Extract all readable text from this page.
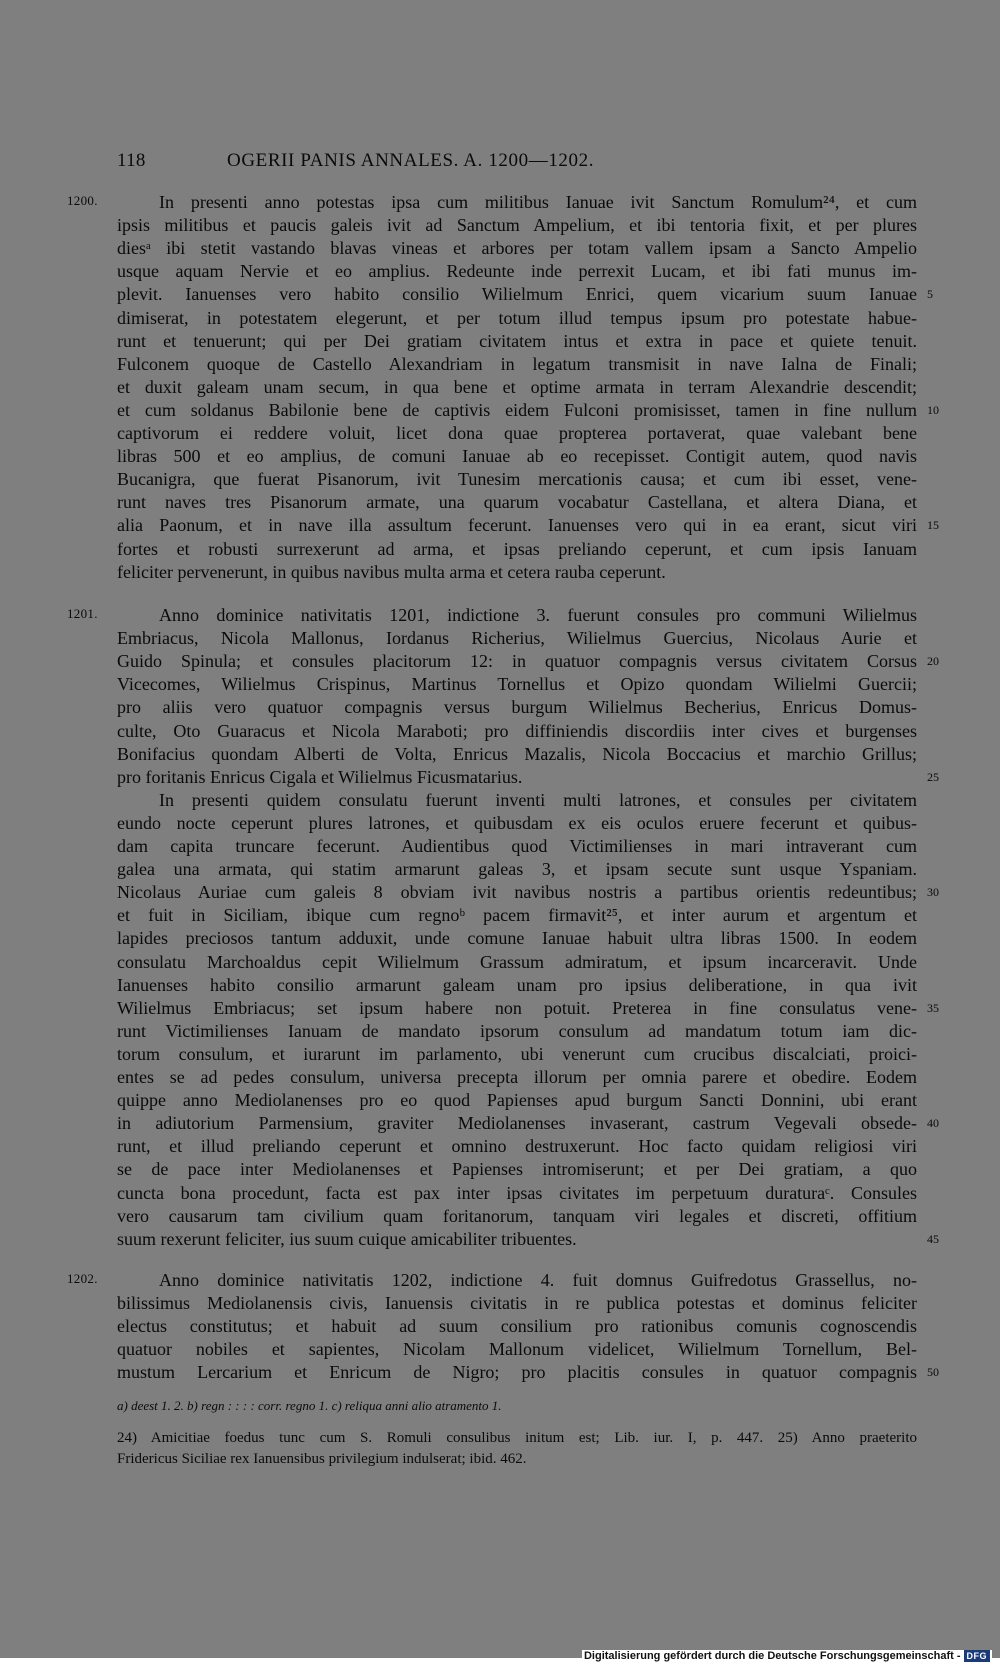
118	OGERII PANIS ANNALES. A. 1200—1202.
1200.	In presenti anno potestas ipsa cum militibus Ianuae ivit Sanctum Romulum²⁴, et cum
ipsis militibus et paucis galeis ivit ad Sanctum Ampelium, et ibi tentoria fixit, et per plures
diesᵃ ibi stetit vastando blavas vineas et arbores per totam vallem ipsam a Sancto Ampelio
usque aquam Nervie et eo amplius. Redeunte inde perrexit Lucam, et ibi fati munus im-
plevit. Ianuenses vero habito consilio Wilielmum Enrici, quem vicarium suum Ianuae
dimiserat, in potestatem elegerunt, et per totum illud tempus ipsum pro potestate habue-
runt et tenuerunt; qui per Dei gratiam civitatem intus et extra in pace et quiete tenuit.
Fulconem quoque de Castello Alexandriam in legatum transmisit in nave Ialna de Finali;
et duxit galeam unam secum, in qua bene et optime armata in terram Alexandrie descendit;
et cum soldanus Babilonie bene de captivis eidem Fulconi promisisset, tamen in fine nullum
captivorum ei reddere voluit, licet dona quae propterea portaverat, quae valebant bene
libras 500 et eo amplius, de comuni Ianuae ab eo recepisset. Contigit autem, quod navis
Bucanigra, que fuerat Pisanorum, ivit Tunesim mercationis causa; et cum ibi esset, vene-
runt naves tres Pisanorum armate, una quarum vocabatur Castellana, et altera Diana, et
alia Paonum, et in nave illa assultum fecerunt. Ianuenses vero qui in ea erant, sicut viri
fortes et robusti surrexerunt ad arma, et ipsas preliando ceperunt, et cum ipsis Ianuam
feliciter pervenerunt, in quibus navibus multa arma et cetera rauba ceperunt.
1201.	Anno dominice nativitatis 1201, indictione 3. fuerunt consules pro communi Wilielmus
Embriacus, Nicola Mallonus, Iordanus Richerius, Wilielmus Guercius, Nicolaus Aurie et
Guido Spinula; et consules placitorum 12: in quatuor compagnis versus civitatem Corsus
Vicecomes, Wilielmus Crispinus, Martinus Tornellus et Opizo quondam Wilielmi Guercii;
pro aliis vero quatuor compagnis versus burgum Wilielmus Becherius, Enricus Domus-
culte, Oto Guaracus et Nicola Maraboti; pro diffiniendis discordiis inter cives et burgenses
Bonifacius quondam Alberti de Volta, Enricus Mazalis, Nicola Boccacius et marchio Grillus;
pro foritanis Enricus Cigala et Wilielmus Ficusmatarius.
In presenti quidem consulatu fuerunt inventi multi latrones, et consules per civitatem
eundo nocte ceperunt plures latrones, et quibusdam ex eis oculos eruere fecerunt et quibus-
dam capita truncare fecerunt. Audientibus quod Victimilienses in mari intraverant cum
galea una armata, qui statim armarunt galeas 3, et ipsam secute sunt usque Yspaniam.
Nicolaus Auriae cum galeis 8 obviam ivit navibus nostris a partibus orientis redeuntibus;
et fuit in Siciliam, ibique cum regnoᵇ pacem firmavit²⁵, et inter aurum et argentum et
lapides preciosos tantum adduxit, unde comune Ianuae habuit ultra libras 1500. In eodem
consulatu Marchoaldus cepit Wilielmum Grassum admiratum, et ipsum incarceravit. Unde
Ianuenses habito consilio armarunt galeam unam pro ipsius deliberatione, in qua ivit
Wilielmus Embriacus; set ipsum habere non potuit. Preterea in fine consulatus vene-
runt Victimilienses Ianuam de mandato ipsorum consulum ad mandatum totum iam dic-
torum consulum, et iurarunt im parlamento, ubi venerunt cum crucibus discalciati, proici-
entes se ad pedes consulum, universa precepta illorum per omnia parere et obedire. Eodem
quippe anno Mediolanenses pro eo quod Papienses apud burgum Sancti Donnini, ubi erant
in adiutorium Parmensium, graviter Mediolanenses invaserant, castrum Vegevali obsede-
runt, et illud preliando ceperunt et omnino destruxerunt. Hoc facto quidam religiosi viri
se de pace inter Mediolanenses et Papienses intromiserunt; et per Dei gratiam, a quo
cuncta bona procedunt, facta est pax inter ipsas civitates im perpetuum duraturaᶜ. Consules
vero causarum tam civilium quam foritanorum, tanquam viri legales et discreti, offitium
suum rexerunt feliciter, ius suum cuique amicabiliter tribuentes.
1202.	Anno dominice nativitatis 1202, indictione 4. fuit domnus Guifredotus Grassellus, no-
bilissimus Mediolanensis civis, Ianuensis civitatis in re publica potestas et dominus feliciter
electus constitutus; et habuit ad suum consilium pro rationibus comunis cognoscendis
quatuor nobiles et sapientes, Nicolam Mallonum videlicet, Wilielmum Tornellum, Bel-
mustum Lercarium et Enricum de Nigro; pro placitis consules in quatuor compagnis
5
10
15
20
25
30
35
40
45
50
a) deest 1. 2. b) regn : : : : corr. regno 1. c) reliqua anni alio atramento 1.
24) Amicitiae foedus tunc cum S. Romuli consulibus initum est; Lib. iur. I, p. 447. 25) Anno praeterito
Fridericus Siciliae rex Ianuensibus privilegium indulserat; ibid. 462.
Digitalisierung gefördert durch die Deutsche Forschungsgemeinschaft - DFG
